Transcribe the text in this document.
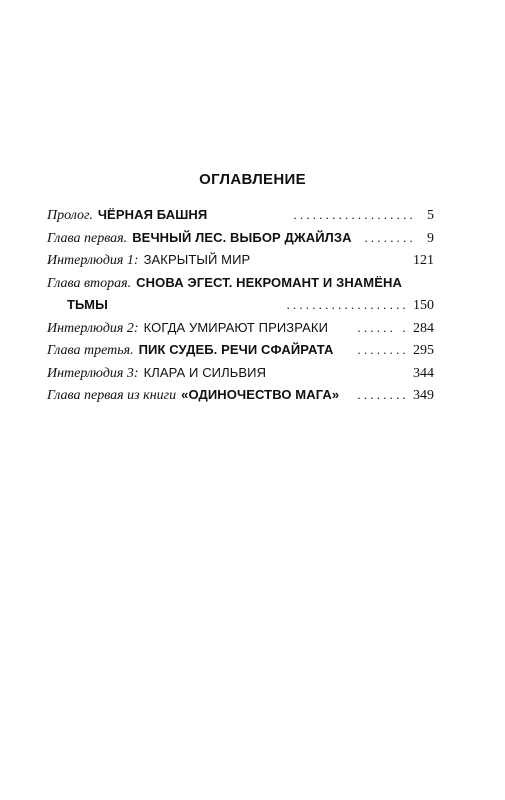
ОГЛАВЛЕНИЕ
Пролог. ЧЁРНАЯ БАШНЯ	................... 5
Глава первая. ВЕЧНЫЙ ЛЕС. ВЫБОР ДЖАЙЛЗА ........ 9
Интерлюдия 1: ЗАКРЫТЫЙ МИР	121
Глава вторая. СНОВА ЭГЕСТ. НЕКРОМАНТ И ЗНАМЁНА
ТЬМЫ	................... 150
Интерлюдия 2: КОГДА УМИРАЮТ ПРИЗРАКИ	. ...... 284
Глава третья. ПИК СУДЕБ. РЕЧИ СФАЙРАТА	........ 295
Интерлюдия 3: КЛАРА И СИЛЬВИЯ	344
Глава первая из книги «ОДИНОЧЕСТВО МАГА»	........ 349
